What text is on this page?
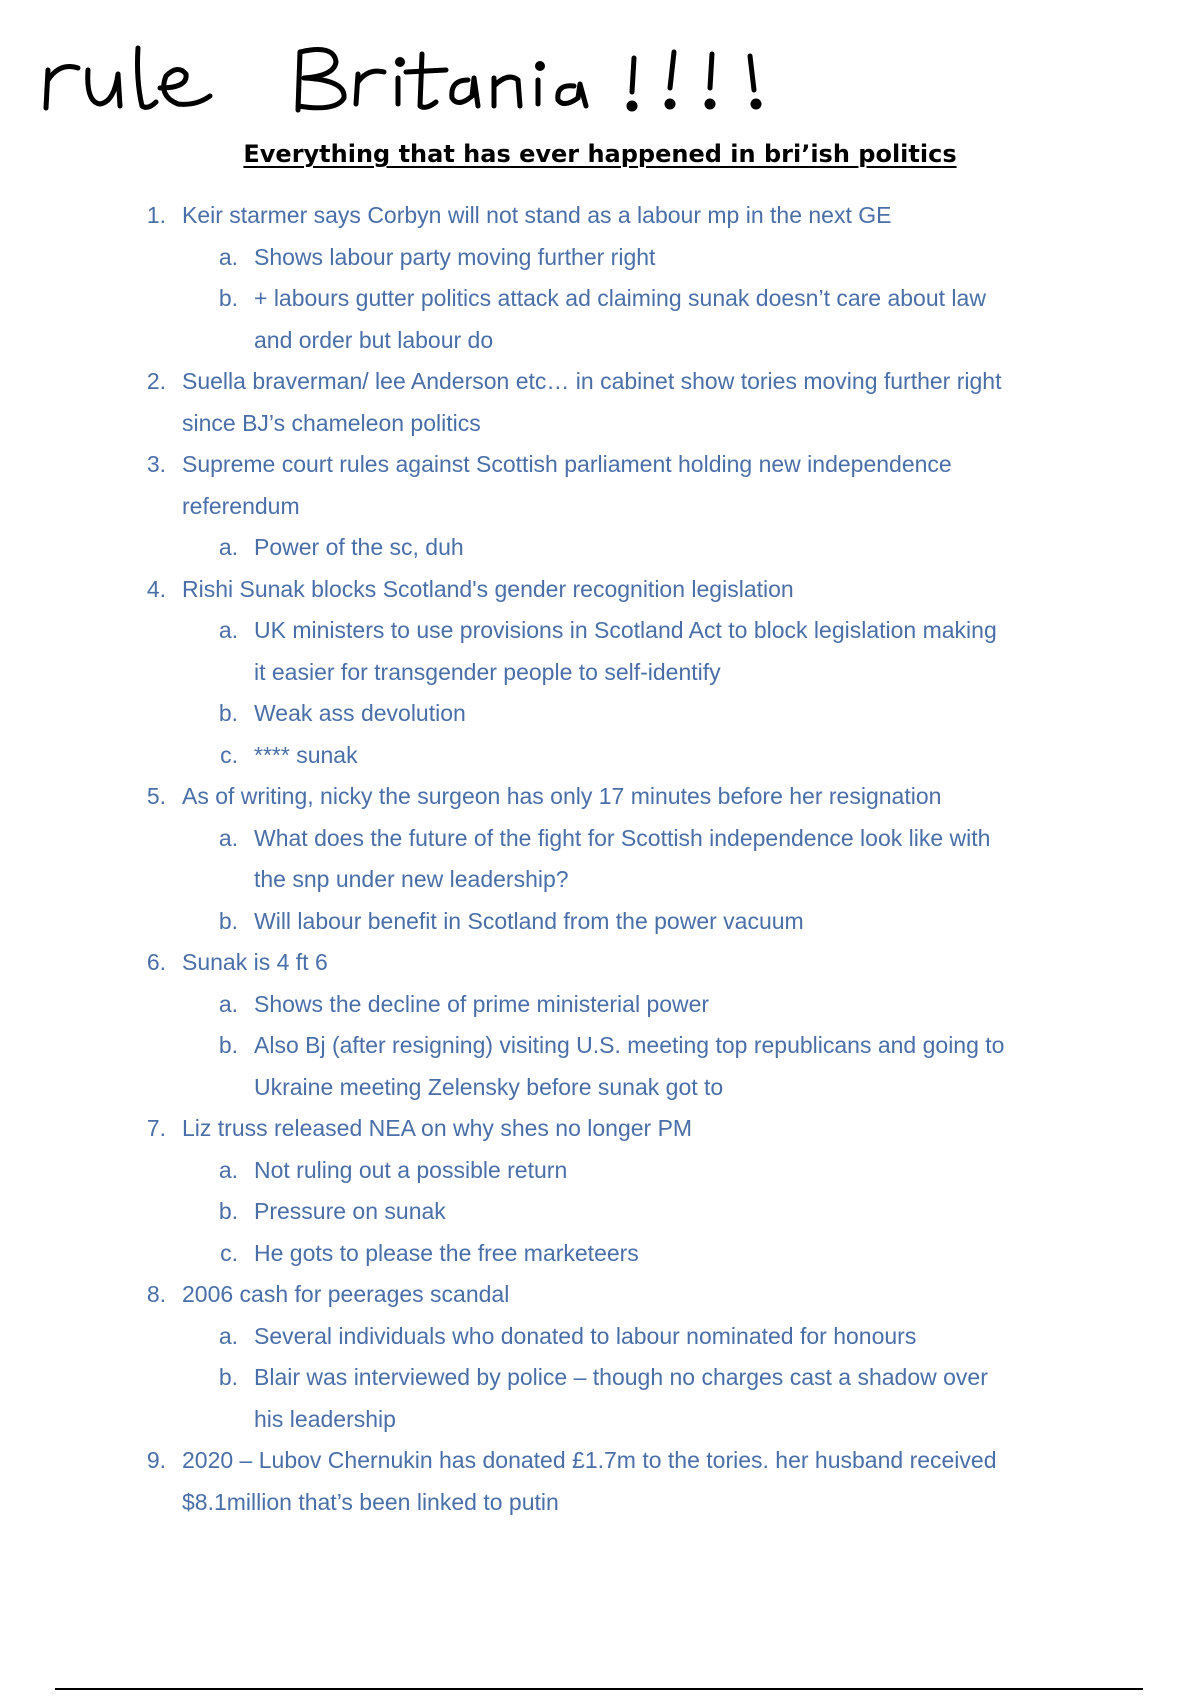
Everything that has ever happened in bri’ish politics
1. Keir starmer says Corbyn will not stand as a labour mp in the next GE
a. Shows labour party moving further right
b. + labours gutter politics attack ad claiming sunak doesn’t care about law
and order but labour do
2. Suella braverman/ lee Anderson etc… in cabinet show tories moving further right
since BJ’s chameleon politics
3. Supreme court rules against Scottish parliament holding new independence
referendum
a. Power of the sc, duh
4. Rishi Sunak blocks Scotland's gender recognition legislation
a. UK ministers to use provisions in Scotland Act to block legislation making
it easier for transgender people to self-identify
b. Weak ass devolution
c. **** sunak
5. As of writing, nicky the surgeon has only 17 minutes before her resignation
a. What does the future of the fight for Scottish independence look like with
the snp under new leadership?
b. Will labour benefit in Scotland from the power vacuum
6. Sunak is 4 ft 6
a. Shows the decline of prime ministerial power
b. Also Bj (after resigning) visiting U.S. meeting top republicans and going to
Ukraine meeting Zelensky before sunak got to
7. Liz truss released NEA on why shes no longer PM
a. Not ruling out a possible return
b. Pressure on sunak
c. He gots to please the free marketeers
8. 2006 cash for peerages scandal
a. Several individuals who donated to labour nominated for honours
b. Blair was interviewed by police – though no charges cast a shadow over
his leadership
9. 2020 – Lubov Chernukin has donated £1.7m to the tories. her husband received
$8.1million that’s been linked to putin
